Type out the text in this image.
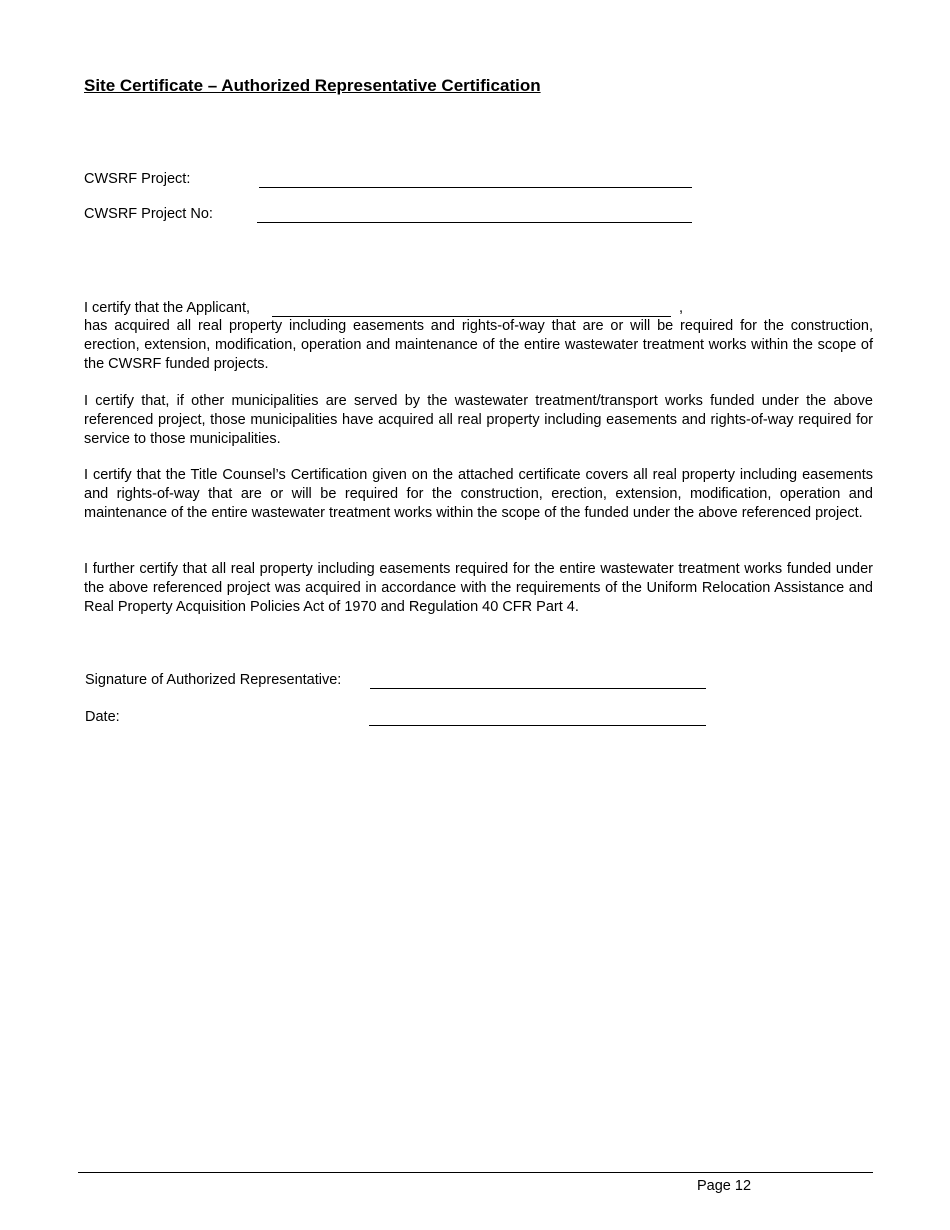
Site Certificate – Authorized Representative Certification
CWSRF Project:
CWSRF Project No:
I certify that the Applicant,	,

has acquired all real property including easements and rights-of-way that are or will be required for the construction, erection, extension, modification, operation and maintenance of the entire wastewater treatment works within the scope of the CWSRF funded projects.

I certify that, if other municipalities are served by the wastewater treatment/transport works funded under the above referenced project, those municipalities have acquired all real property including easements and rights-of-way required for service to those municipalities.

I certify that the Title Counsel’s Certification given on the attached certificate covers all real property including easements and rights-of-way that are or will be required for the construction, erection, extension, modification, operation and maintenance of the entire wastewater treatment works within the scope of the funded under the above referenced project.

I further certify that all real property including easements required for the entire wastewater treatment works funded under the above referenced project was acquired in accordance with the requirements of the Uniform Relocation Assistance and Real Property Acquisition Policies Act of 1970 and Regulation 40 CFR Part 4.

Signature of Authorized Representative:
Date:
Page 12
